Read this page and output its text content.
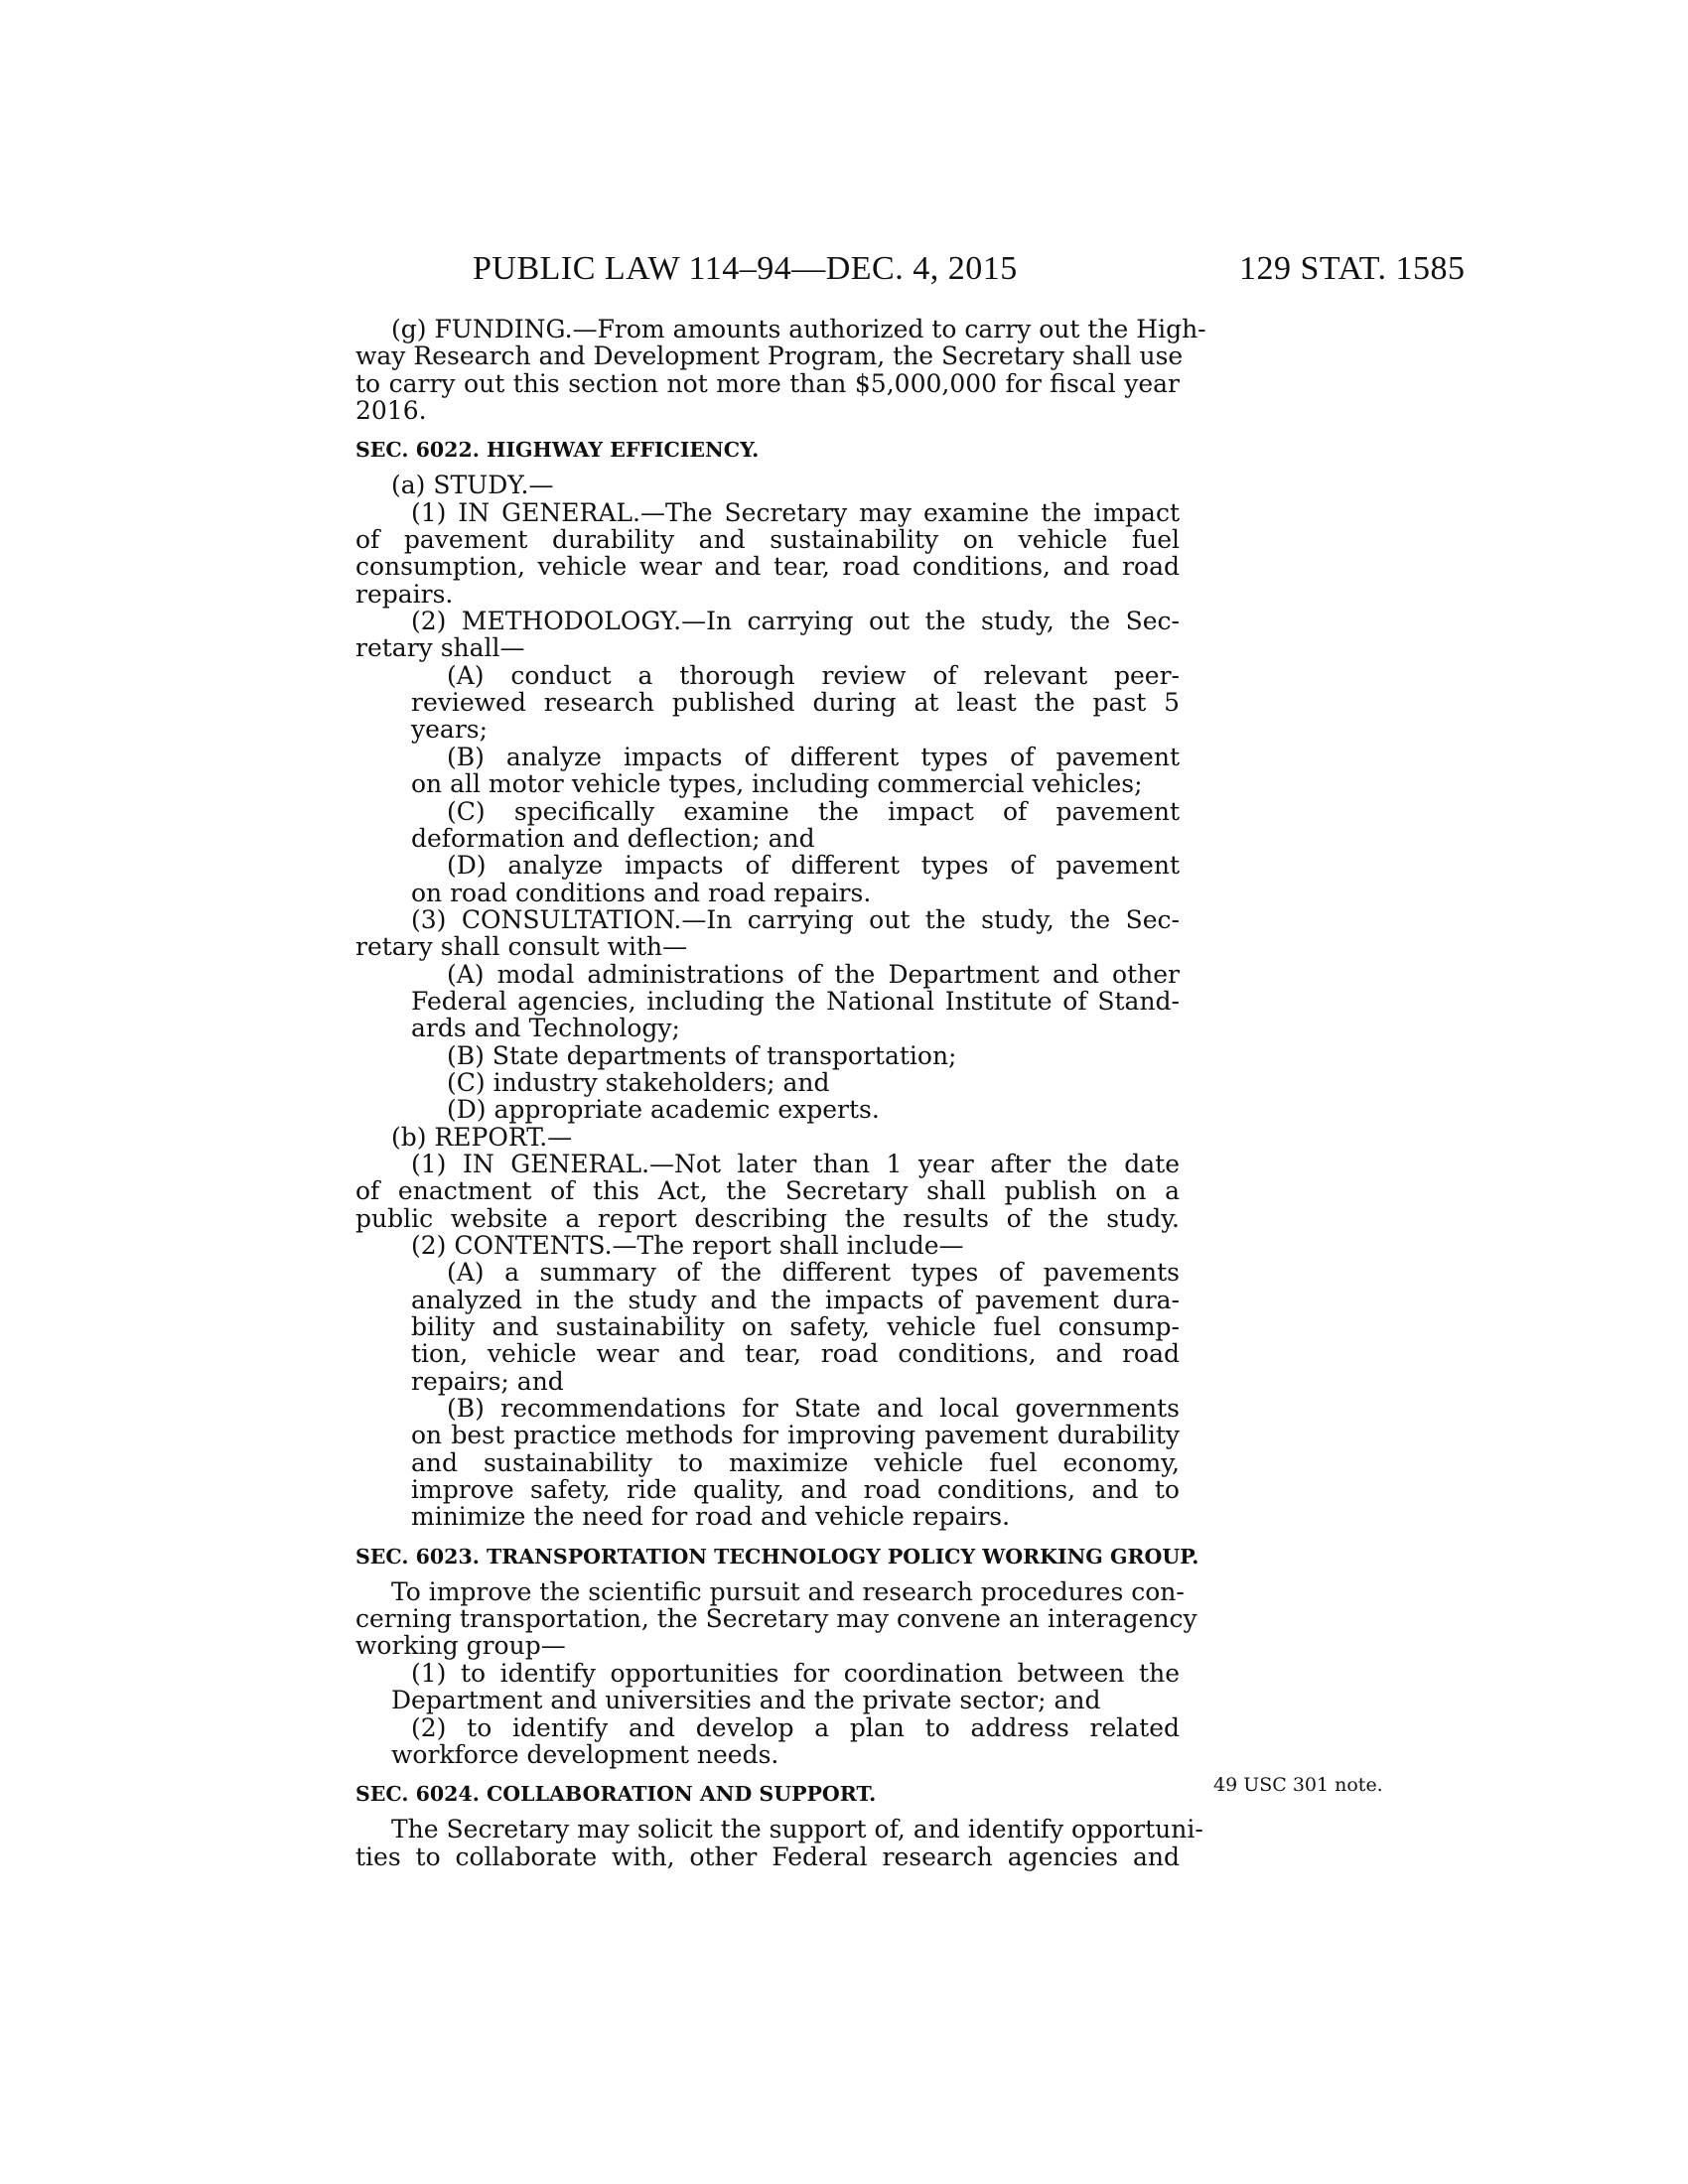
PUBLIC LAW 114–94—DEC. 4, 2015	129 STAT. 1585
(g) FUNDING.—From amounts authorized to carry out the High-
way Research and Development Program, the Secretary shall use
to carry out this section not more than $5,000,000 for fiscal year
2016.
SEC. 6022. HIGHWAY EFFICIENCY.
(a) STUDY.—
(1) IN GENERAL.—The Secretary may examine the impact
of pavement durability and sustainability on vehicle fuel
consumption, vehicle wear and tear, road conditions, and road
repairs.
(2) METHODOLOGY.—In carrying out the study, the Sec-
retary shall—
(A) conduct a thorough review of relevant peer-
reviewed research published during at least the past 5
years;
(B) analyze impacts of different types of pavement
on all motor vehicle types, including commercial vehicles;
(C) specifically examine the impact of pavement
deformation and deflection; and
(D) analyze impacts of different types of pavement
on road conditions and road repairs.
(3) CONSULTATION.—In carrying out the study, the Sec-
retary shall consult with—
(A) modal administrations of the Department and other
Federal agencies, including the National Institute of Stand-
ards and Technology;
(B) State departments of transportation;
(C) industry stakeholders; and
(D) appropriate academic experts.
(b) REPORT.—
(1) IN GENERAL.—Not later than 1 year after the date
of enactment of this Act, the Secretary shall publish on a
public website a report describing the results of the study.
(2) CONTENTS.—The report shall include—
(A) a summary of the different types of pavements
analyzed in the study and the impacts of pavement dura-
bility and sustainability on safety, vehicle fuel consump-
tion, vehicle wear and tear, road conditions, and road
repairs; and
(B) recommendations for State and local governments
on best practice methods for improving pavement durability
and sustainability to maximize vehicle fuel economy,
improve safety, ride quality, and road conditions, and to
minimize the need for road and vehicle repairs.
SEC. 6023. TRANSPORTATION TECHNOLOGY POLICY WORKING GROUP.
To improve the scientific pursuit and research procedures con-
cerning transportation, the Secretary may convene an interagency
working group—
(1) to identify opportunities for coordination between the
Department and universities and the private sector; and
(2) to identify and develop a plan to address related
workforce development needs.
SEC. 6024. COLLABORATION AND SUPPORT.
The Secretary may solicit the support of, and identify opportuni-
ties to collaborate with, other Federal research agencies and
49 USC 301 note.
